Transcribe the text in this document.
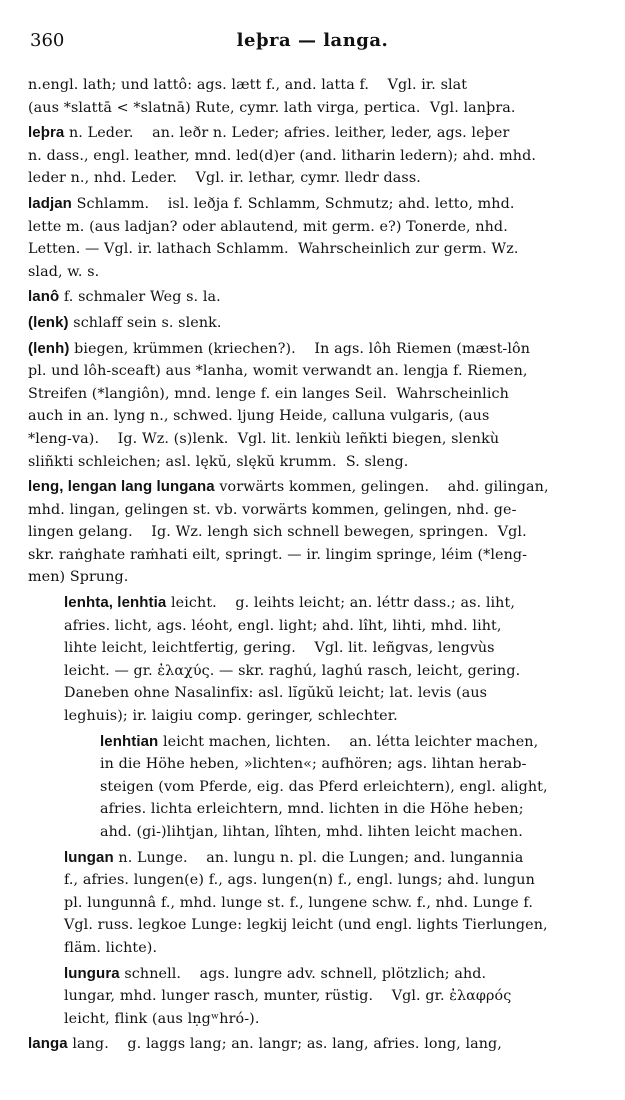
360	leþra — langa.
n.engl. lath; und lattô: ags. lætt f., and. latta f.    Vgl. ir. slat
(aus *slattā < *slatnā) Rute, cymr. lath virga, pertica.  Vgl. lanþra.
leþra n. Leder.    an. leðr n. Leder; afries. leither, leder, ags. leþer
n. dass., engl. leather, mnd. led(d)er (and. litharin ledern); ahd. mhd.
leder n., nhd. Leder.    Vgl. ir. lethar, cymr. lledr dass.
ladjan Schlamm.    isl. leðja f. Schlamm, Schmutz; ahd. letto, mhd.
lette m. (aus ladjan? oder ablautend, mit germ. e?) Tonerde, nhd.
Letten. — Vgl. ir. lathach Schlamm.  Wahrscheinlich zur germ. Wz.
slad, w. s.
lanô f. schmaler Weg s. la.
(lenk) schlaff sein s. slenk.
(lenh) biegen, krümmen (kriechen?).    In ags. lôh Riemen (mæst-lôn
pl. und lôh-sceaft) aus *lanha, womit verwandt an. lengja f. Riemen,
Streifen (*langiôn), mnd. lenge f. ein langes Seil.  Wahrscheinlich
auch in an. lyng n., schwed. ljung Heide, calluna vulgaris, (aus
*leng-va).    Ig. Wz. (s)lenk.  Vgl. lit. lenkiù leñkti biegen, slenkù
sliñkti schleichen; asl. lękŭ, slękŭ krumm.  S. sleng.
leng, lengan lang lungana vorwärts kommen, gelingen.    ahd. gilingan,
mhd. lingan, gelingen st. vb. vorwärts kommen, gelingen, nhd. ge-
lingen gelang.    Ig. Wz. lengh sich schnell bewegen, springen.  Vgl.
skr. raṅghate raṁhati eilt, springt. — ir. lingim springe, léim (*leng-
men) Sprung.
lenhta, lenhtia leicht.    g. leihts leicht; an. léttr dass.; as. liht,
afries. licht, ags. léoht, engl. light; ahd. lîht, lihti, mhd. liht,
lihte leicht, leichtfertig, gering.    Vgl. lit. leñgvas, lengvùs
leicht. — gr. ἐλαχύς. — skr. raghú, laghú rasch, leicht, gering.
Daneben ohne Nasalinfix: asl. lĭgŭkŭ leicht; lat. levis (aus
leghuis); ir. laigiu comp. geringer, schlechter.
lenhtian leicht machen, lichten.    an. létta leichter machen,
in die Höhe heben, »lichten«; aufhören; ags. lihtan herab-
steigen (vom Pferde, eig. das Pferd erleichtern), engl. alight,
afries. lichta erleichtern, mnd. lichten in die Höhe heben;
ahd. (gi-)lihtjan, lihtan, lîhten, mhd. lihten leicht machen.
lungan n. Lunge.    an. lungu n. pl. die Lungen; and. lunganniа
f., afries. lungen(e) f., ags. lungen(n) f., engl. lungs; ahd. lungun
pl. lungunnâ f., mhd. lunge st. f., lungene schw. f., nhd. Lunge f.
Vgl. russ. legkoe Lunge: legkij leicht (und engl. lights Tierlungen,
fläm. lichte).
lungura schnell.    ags. lungre adv. schnell, plötzlich; ahd.
lungar, mhd. lunger rasch, munter, rüstig.    Vgl. gr. ἐλαφρός
leicht, flink (aus lṇgʷhró-).
langa lang.    g. laggs lang; an. langr; as. lang, afries. long, lang,
